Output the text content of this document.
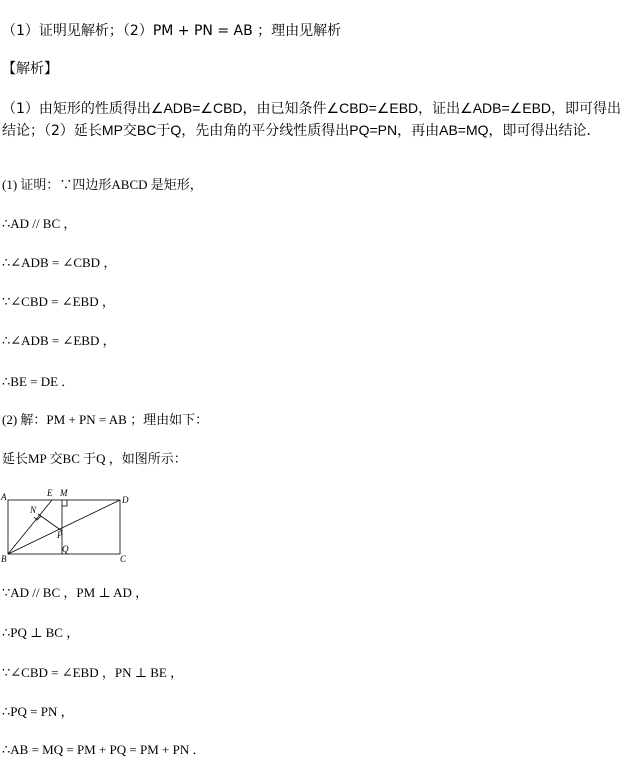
（1）证明见解析；（2）PM + PN = AB ；理由见解析
【解析】
（1）由矩形的性质得出∠ADB=∠CBD，由已知条件∠CBD=∠EBD，证出∠ADB=∠EBD，即可得出结论；（2）延长MP交BC于Q，先由角的平分线性质得出PQ=PN，再由AB=MQ，即可得出结论．
(1) 证明：∵四边形ABCD 是矩形，
∴AD // BC ，
∴∠ADB = ∠CBD ，
∵∠CBD = ∠EBD ，
∴∠ADB = ∠EBD ，
∴BE = DE ．
(2) 解：PM + PN = AB ；理由如下：
延长MP 交BC 于Q ，如图所示：
A	E M
D
N
P
Q
B	C
∵AD // BC ，PM ⊥ AD ，
∴PQ ⊥ BC ，
∵∠CBD = ∠EBD ，PN ⊥ BE ，
∴PQ = PN ，
∴AB = MQ = PM + PQ = PM + PN ．
